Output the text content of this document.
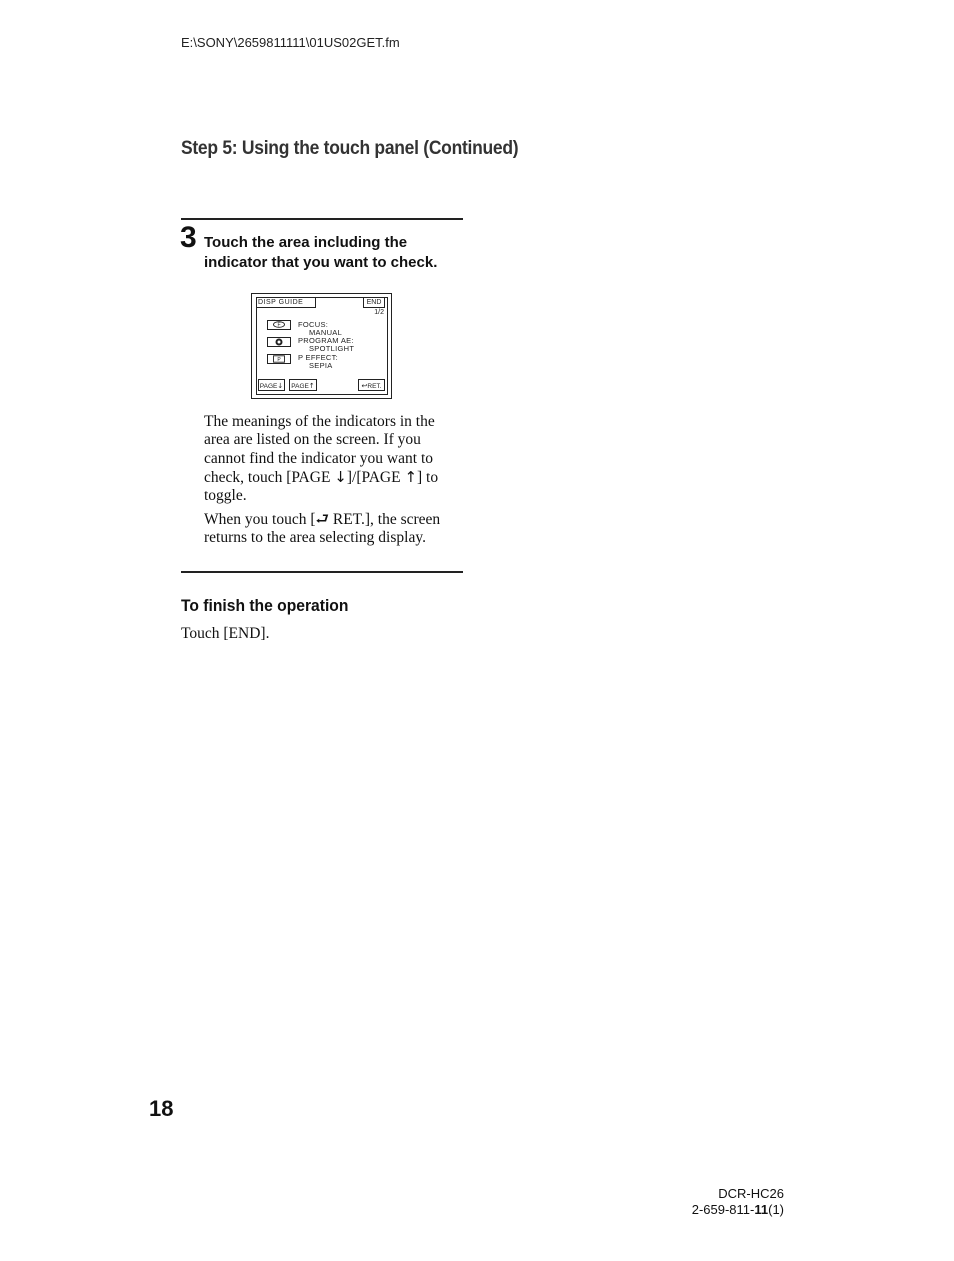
E:\SONY\2659811111\01US02GET.fm
Step 5: Using the touch panel (Continued)
3 Touch the area including the
indicator that you want to check.
DISP GUIDE	END
1/2
F FOCUS:
MANUAL
PROGRAM AE:
SPOTLIGHT
P P EFFECT:
SEPIA
PAGE↓	PAGE↑	↩RET.
The meanings of the indicators in the
area are listed on the screen. If you
cannot find the indicator you want to
check, touch [PAGE ↓]/[PAGE ↑] to
toggle.
When you touch [⮐ RET.], the screen
returns to the area selecting display.
To finish the operation
Touch [END].
18
DCR-HC26
2-659-811-11(1)
